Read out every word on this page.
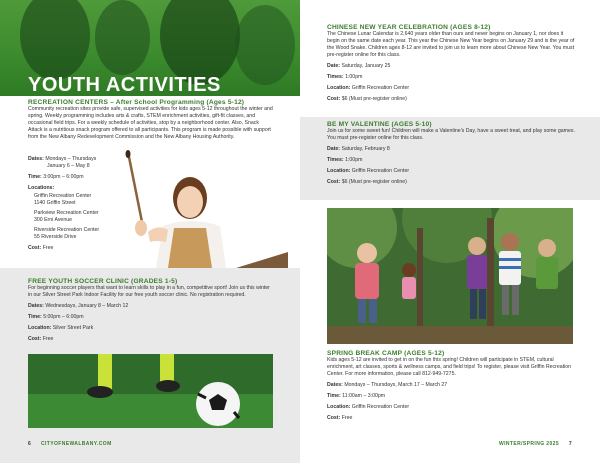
YOUTH ACTIVITIES
RECREATION CENTERS – After School Programming (Ages 5-12)
Community recreation sites provide safe, supervised activities for kids ages 5-12 throughout the winter and spring. Weekly programming includes arts & crafts, STEM enrichment activities, gift-fit classes, and occasional field trips. For a weekly schedule of activities, stop by a neighborhood center. Also, Snack Attack is a nutritious snack program offered to all participants. This program is made possible with support from the New Albany Redevelopment Commission and the New Albany Housing Authority.
Dates: Mondays – Thursdays
January 6 – May 8
Time: 3:00pm – 6:00pm
Locations:
Griffin Recreation Center
1140 Griffin Street
Parkview Recreation Center
300 Erni Avenue
Riverside Recreation Center
55 Riverside Drive
Cost: Free
FREE YOUTH SOCCER CLINIC (GRADES 1-5)
For beginning soccer players that want to learn skills to play in a fun, competitive sport! Join us this winter in our Silver Street Park Indoor Facility for our free youth soccer clinic. No registration required.
Dates: Wednesdays, January 8 – March 12
Time: 5:00pm – 6:00pm
Location: Silver Street Park
Cost: Free
6 CITYOFNEWALBANY.COM
CHINESE NEW YEAR CELEBRATION (AGES 8-12)
The Chinese Lunar Calendar is 2,640 years older than ours and never begins on January 1, nor does it begin on the same date each year. This year the Chinese New Year begins on January 29 and is the year of the Wood Snake. Children ages 8-12 are invited to join us to learn more about Chinese New Year. You must pre-register online for this class.
Date: Saturday, January 25
Times: 1:00pm
Location: Griffin Recreation Center
Cost: $6 (Must pre-register online)
BE MY VALENTINE (AGES 5-10)
Join us for some sweet fun! Children will make a Valentine's Day, have a sweet treat, and play some games. You must pre-register online for this class.
Date: Saturday, February 8
Times: 1:00pm
Location: Griffin Recreation Center
Cost: $6 (Must pre-register online)
SPRING BREAK CAMP (AGES 5-12)
Kids ages 5-12 are invited to get in on the fun this spring! Children will participate in STEM, cultural enrichment, art classes, sports & wellness camps, and field trips! To register, please visit Griffin Recreation Center. For more information, please call 812-949-7275.
Dates: Mondays – Thursdays, March 17 – March 27
Time: 11:00am – 3:00pm
Location: Griffin Recreation Center
Cost: Free
WINTER/SPRING 2025 7
